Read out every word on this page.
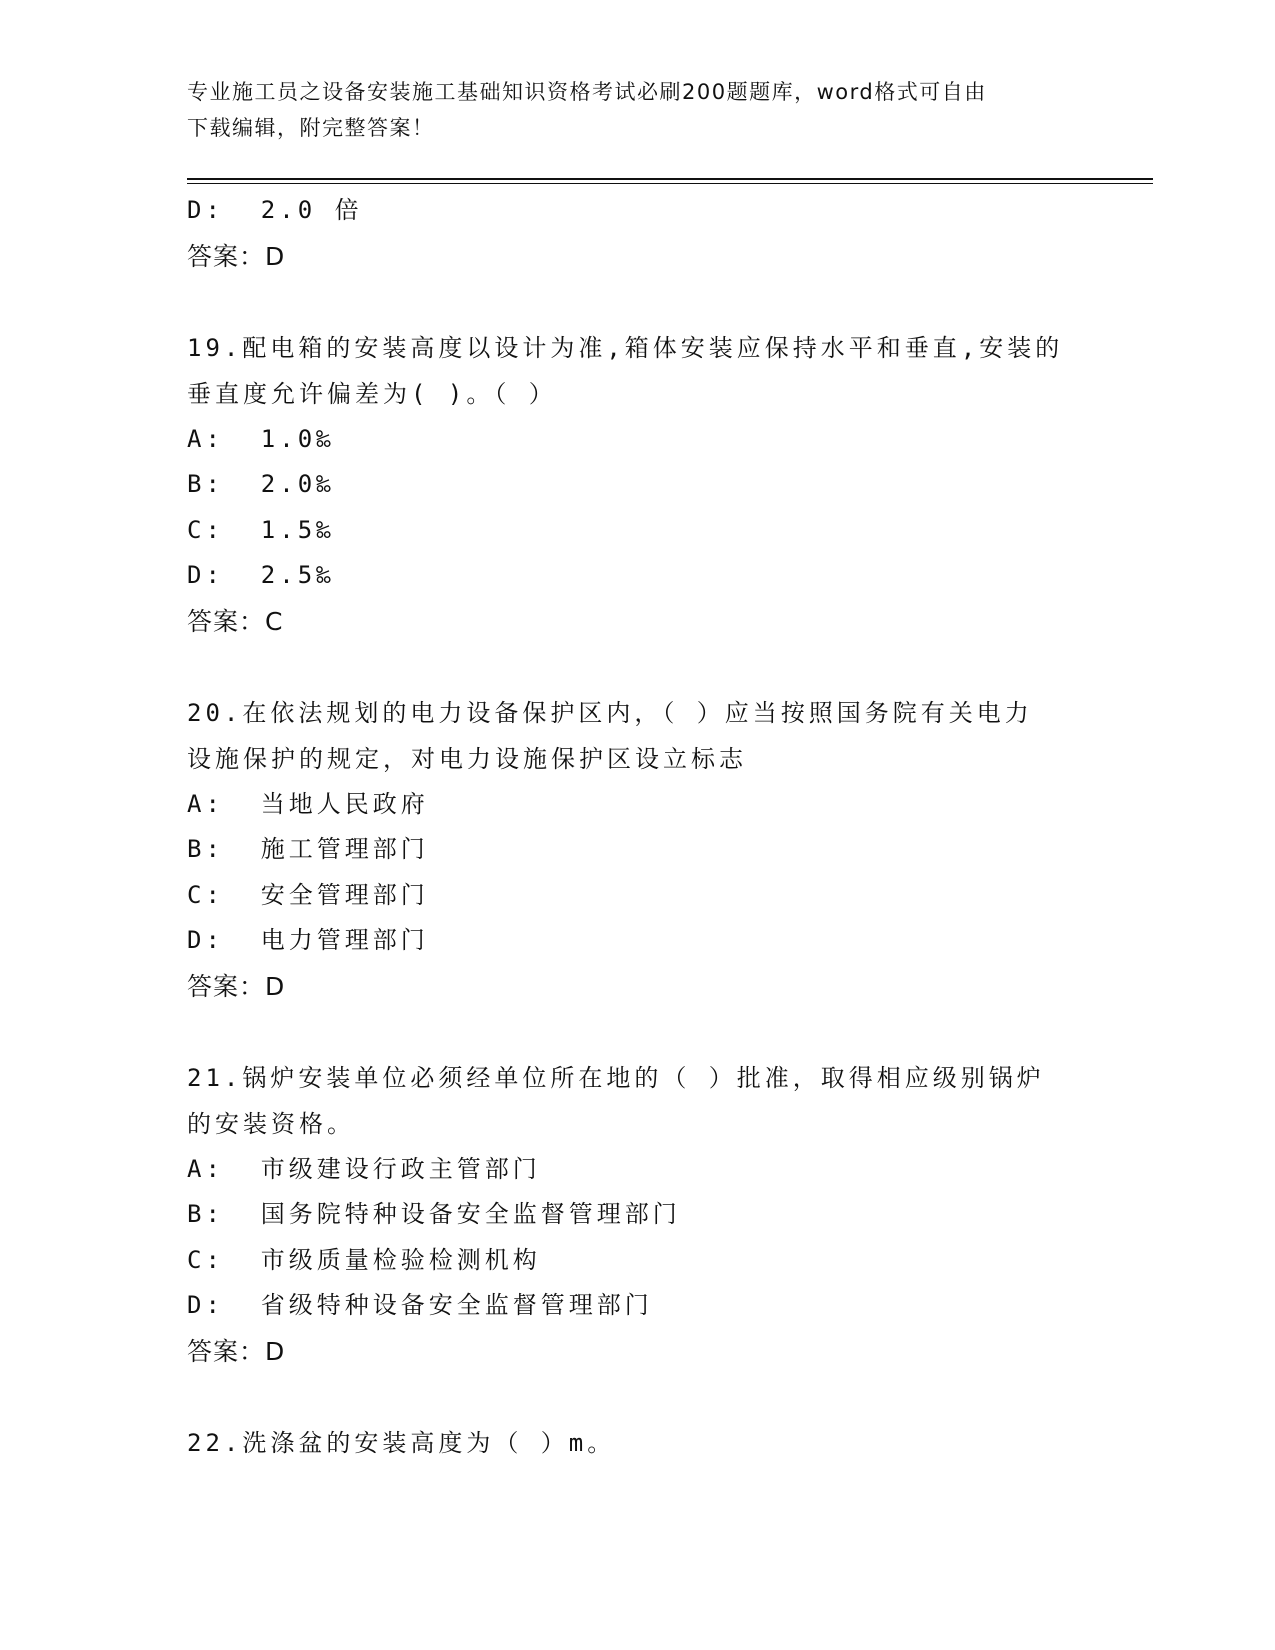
专业施工员之设备安装施工基础知识资格考试必刷200题题库，word格式可自由
下载编辑，附完整答案！
D:  2.0 倍
答案：D
19.配电箱的安装高度以设计为准,箱体安装应保持水平和垂直,安装的
垂直度允许偏差为( )。（ ）
A:  1.0‰
B:  2.0‰
C:  1.5‰
D:  2.5‰
答案：C
20.在依法规划的电力设备保护区内，（ ）应当按照国务院有关电力
设施保护的规定，对电力设施保护区设立标志
A:  当地人民政府
B:  施工管理部门
C:  安全管理部门
D:  电力管理部门
答案：D
21.锅炉安装单位必须经单位所在地的（ ）批准，取得相应级别锅炉
的安装资格。
A:  市级建设行政主管部门
B:  国务院特种设备安全监督管理部门
C:  市级质量检验检测机构
D:  省级特种设备安全监督管理部门
答案：D
22.洗涤盆的安装高度为（ ）m。
